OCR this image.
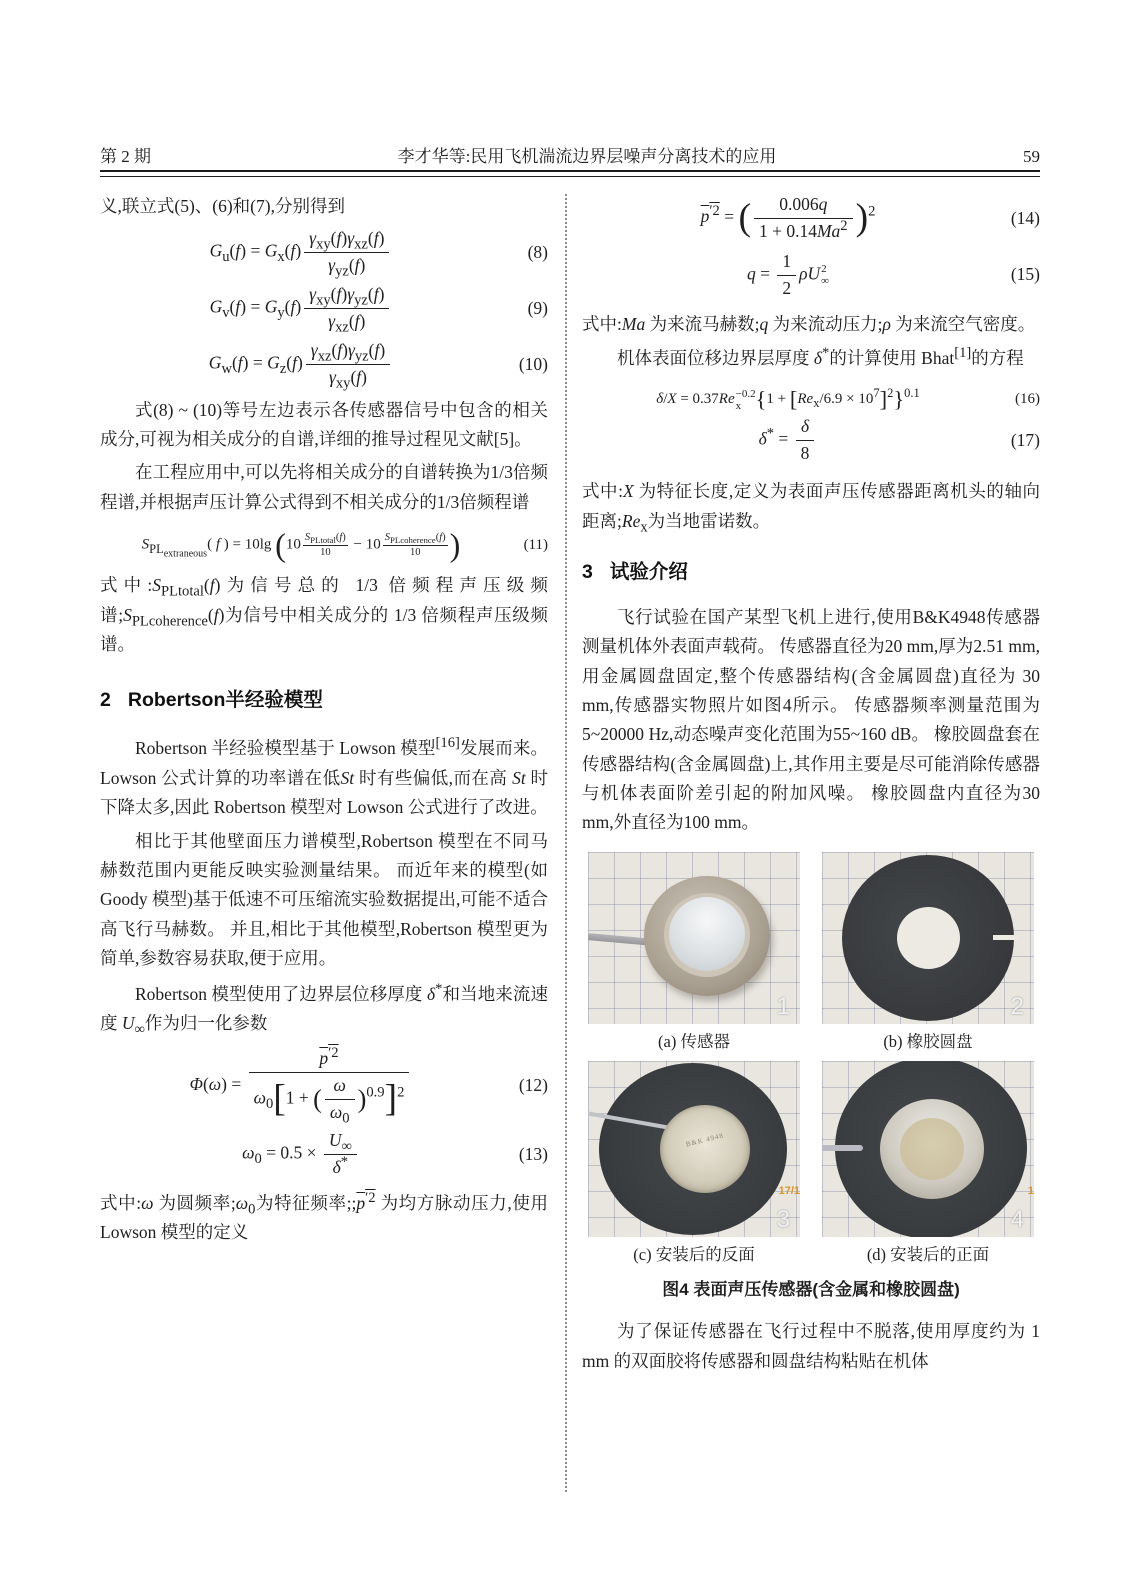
第 2 期	李才华等:民用飞机湍流边界层噪声分离技术的应用	59

义,联立式(5)、(6)和(7),分别得到

$G_u(f) = G_x(f) \frac{\gamma_{xy}(f)\gamma_{xz}(f)}{\gamma_{yz}(f)}$	(8)
$G_v(f) = G_y(f) \frac{\gamma_{xy}(f)\gamma_{yz}(f)}{\gamma_{xz}(f)}$	(9)
$G_w(f) = G_z(f) \frac{\gamma_{xz}(f)\gamma_{yz}(f)}{\gamma_{xy}(f)}$	(10)

式(8) ~ (10)等号左边表示各传感器信号中包含的相关成分,可视为相关成分的自谱,详细的推导过程见文献[5]。

在工程应用中,可以先将相关成分的自谱转换为1/3倍频程谱,并根据声压计算公式得到不相关成分的1/3倍频程谱

$S_{PL_{extraneous}}$( f ) = 10lg (10 $S_{PLtotal}(f)$
10
− 10 $S_{PLcoherence}(f)$
10 )	(11)

式中$:S_{PLtotal}(f)$为信号总的 1/3 倍频程声压级频谱$;S_{PLcoherence}(f)$为信号中相关成分的 1/3 倍频程声压级频谱。

2 Robertson半经验模型

Robertson 半经验模型基于 Lowson 模型[16]发展而来。 Lowson 公式计算的功率谱在低St 时有些偏低,而在高 St 时下降太多,因此 Robertson 模型对 Lowson 公式进行了改进。

相比于其他壁面压力谱模型,Robertson 模型在不同马赫数范围内更能反映实验测量结果。 而近年来的模型(如 Goody 模型)基于低速不可压缩流实验数据提出,可能不适合高飞行马赫数。 并且,相比于其他模型,Robertson 模型更为简单,参数容易获取,便于应用。

Robertson 模型使用了边界层位移厚度 δ*和当地来流速度 $U_\infty$作为归一化参数

$\Phi(\omega) = \frac{p^{'2}}{\omega_0[1 + ( \frac{\omega}{\omega_0} )^{0.9}]^2}$	(12)
$\omega_0 = 0.5 \times \frac{U_\infty}{\delta^*}$	(13)

式中:ω 为圆频率$;\omega_0$为特征频率$;;p^{'2}$ 为均方脉动压力,使用 Lowson 模型的定义

$p^{'2}$ = ( $\frac{0.006q}{1 + 0.14Ma^2} )^2$	(14)
$q = \frac{1}{2}$ ρU 2
∞	(15)

式中:Ma 为来流马赫数;q 为来流动压力;ρ 为来流空气密度。

机体表面位移边界层厚度 δ*的计算使用 Bhat[1]的方程

δ/X = 0.37Re −0.2
x $\{1 + [Re_x/6.9 \times 10^7]^2\}^{0.1}$	(16)
$\delta^* = \frac{\delta}{8}$	(17)

式中:X 为特征长度,定义为表面声压传感器距离机头的轴向距离$;Re_x$为当地雷诺数。

3 试验介绍

飞行试验在国产某型飞机上进行,使用B&K4948传感器测量机体外表面声载荷。 传感器直径为20 mm,厚为2.51 mm,用金属圆盘固定,整个传感器结构(含金属圆盘)直径为 30 mm,传感器实物照片如图4所示。 传感器频率测量范围为5~20000 Hz,动态噪声变化范围为55~160 dB。 橡胶圆盘套在传感器结构(含金属圆盘)上,其作用主要是尽可能消除传感器与机体表面阶差引起的附加风噪。 橡胶圆盘内直径为30 mm,外直径为100 mm。

1
(a) 传感器
2
(b) 橡胶圆盘
B&K 4948
17/1
3
(c) 安装后的反面
1
4
(d) 安装后的正面
图4 表面声压传感器(含金属和橡胶圆盘)

为了保证传感器在飞行过程中不脱落,使用厚度约为 1 mm 的双面胶将传感器和圆盘结构粘贴在机体
